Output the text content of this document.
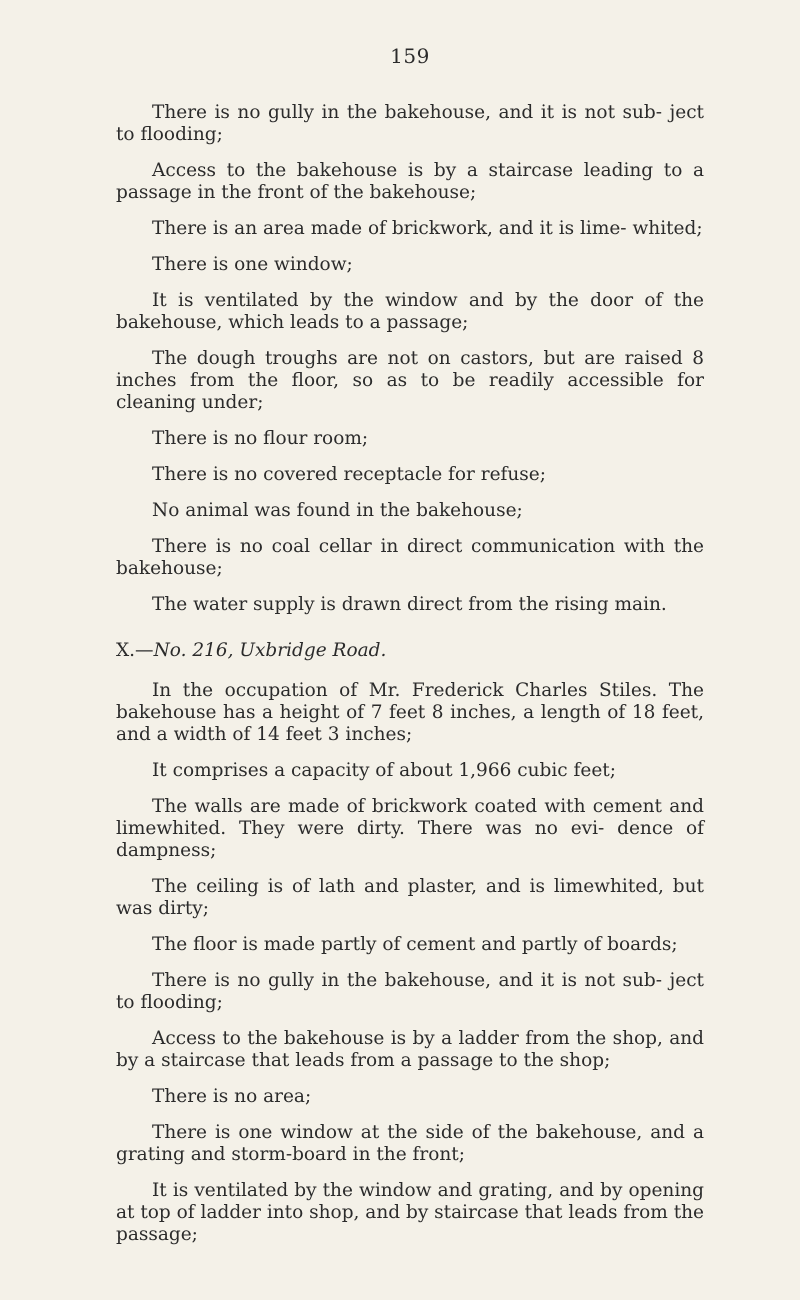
159

There is no gully in the bakehouse, and it is not sub- ject to flooding;

Access to the bakehouse is by a staircase leading to a passage in the front of the bakehouse;

There is an area made of brickwork, and it is lime- whited;

There is one window;

It is ventilated by the window and by the door of the bakehouse, which leads to a passage;

The dough troughs are not on castors, but are raised 8 inches from the floor, so as to be readily accessible for cleaning under;

There is no flour room;

There is no covered receptacle for refuse;

No animal was found in the bakehouse;

There is no coal cellar in direct communication with the bakehouse;

The water supply is drawn direct from the rising main.

X.—No. 216, Uxbridge Road.

In the occupation of Mr. Frederick Charles Stiles. The bakehouse has a height of 7 feet 8 inches, a length of 18 feet, and a width of 14 feet 3 inches;

It comprises a capacity of about 1,966 cubic feet;

The walls are made of brickwork coated with cement and limewhited. They were dirty. There was no evi- dence of dampness;

The ceiling is of lath and plaster, and is limewhited, but was dirty;

The floor is made partly of cement and partly of boards;

There is no gully in the bakehouse, and it is not sub- ject to flooding;

Access to the bakehouse is by a ladder from the shop, and by a staircase that leads from a passage to the shop;

There is no area;

There is one window at the side of the bakehouse, and a grating and storm-board in the front;

It is ventilated by the window and grating, and by opening at top of ladder into shop, and by staircase that leads from the passage;
